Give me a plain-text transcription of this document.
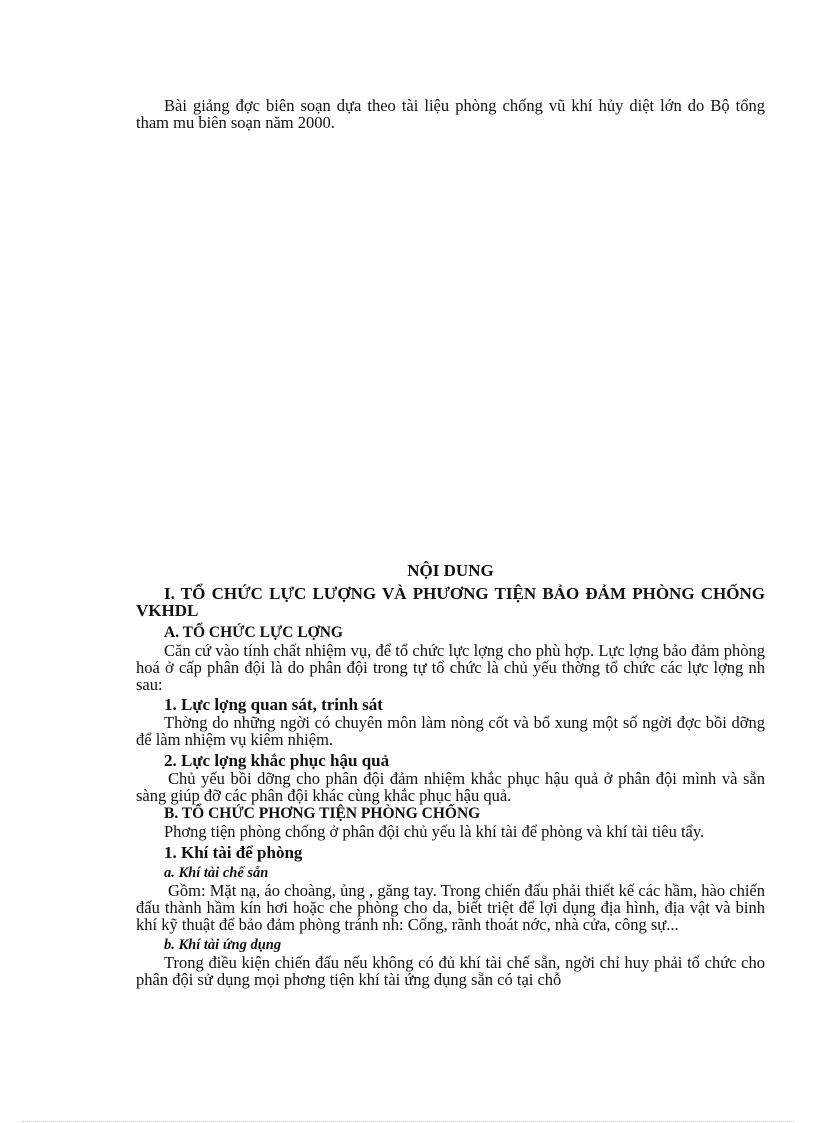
Bài giảng đợc biên soạn dựa theo tài liệu phòng chống vũ khí hủy diệt lớn do Bộ tổng tham mu biên soạn năm 2000.

NỘI DUNG

I. TỔ CHỨC LỰC LƯỢNG VÀ PHƯƠNG TIỆN BẢO ĐẢM PHÒNG CHỐNG VKHDL

A. TỔ CHỨC LỰC LỢNG

Căn cứ vào tính chất nhiệm vụ, để tổ chức lực lợng cho phù hợp. Lực lợng bảo đảm phòng hoá ở cấp phân đội là do phân đội trong tự tổ chức là chủ yếu thờng tổ chức các lực lợng nh sau:

1. Lực lợng quan sát, trinh sát

Thờng do những ngời có chuyên môn làm nòng cốt và bổ xung một số ngời đợc bồi dỡng để làm nhiệm vụ kiêm nhiệm.

2. Lực lợng khắc phục hậu quả

Chủ yếu bồi dỡng cho phân đội đảm nhiệm khắc phục hậu quả ở phân đội mình và sẵn sàng giúp đỡ các phân đội khác cùng khắc phục hậu quả.

B. TỔ CHỨC PHƠNG TIỆN PHÒNG CHỐNG

Phơng tiện phòng chống ở phân đội chủ yếu là khí tài để phòng và khí tài tiêu tẩy.

1. Khí tài để phòng

a. Khí tài chế sẵn

Gồm: Mặt nạ, áo choàng, ủng , găng tay. Trong chiến đấu phải thiết kế các hầm, hào chiến đấu thành hầm kín hơi hoặc che phòng cho da, biết triệt để lợi dụng địa hình, địa vật và binh khí kỹ thuật để bảo đảm phòng tránh nh: Cống, rãnh thoát nớc, nhà cửa, công sự...

b. Khí tài ứng dụng

Trong điều kiện chiến đấu nếu không có đủ khí tài chế sẵn, ngời chỉ huy phải tổ chức cho phân đội sử dụng mọi phơng tiện khí tài ứng dụng sẵn có tại chỗ
